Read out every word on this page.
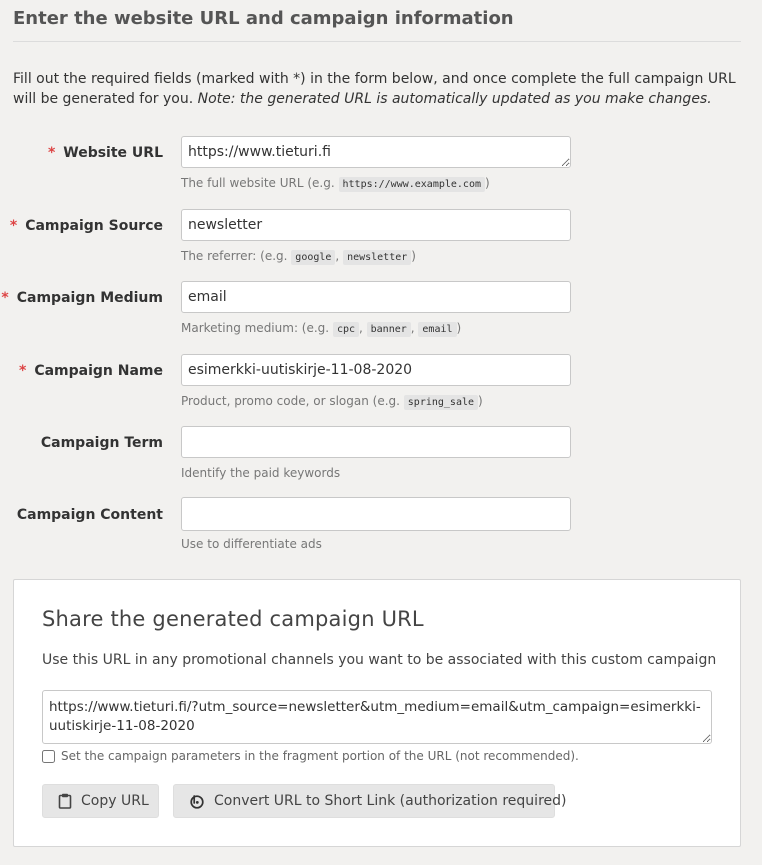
Enter the website URL and campaign information

Fill out the required fields (marked with *) in the form below, and once complete the full campaign URL will be generated for you. Note: the generated URL is automatically updated as you make changes.

* Website URL
https://www.tieturi.fi
The full website URL (e.g. https://www.example.com )
* Campaign Source
newsletter
The referrer: (e.g. google , newsletter )
* Campaign Medium
email
Marketing medium: (e.g. cpc , banner , email )
* Campaign Name
esimerkki-uutiskirje-11-08-2020
Product, promo code, or slogan (e.g. spring_sale )
Campaign Term
Identify the paid keywords
Campaign Content
Use to differentiate ads
Share the generated campaign URL
Use this URL in any promotional channels you want to be associated with this custom campaign
https://www.tieturi.fi/?utm_source=newsletter&utm_medium=email&utm_campaign=esimerkki-uutiskirje-11-08-2020
Set the campaign parameters in the fragment portion of the URL (not recommended).
Copy URL	Convert URL to Short Link (authorization required)
